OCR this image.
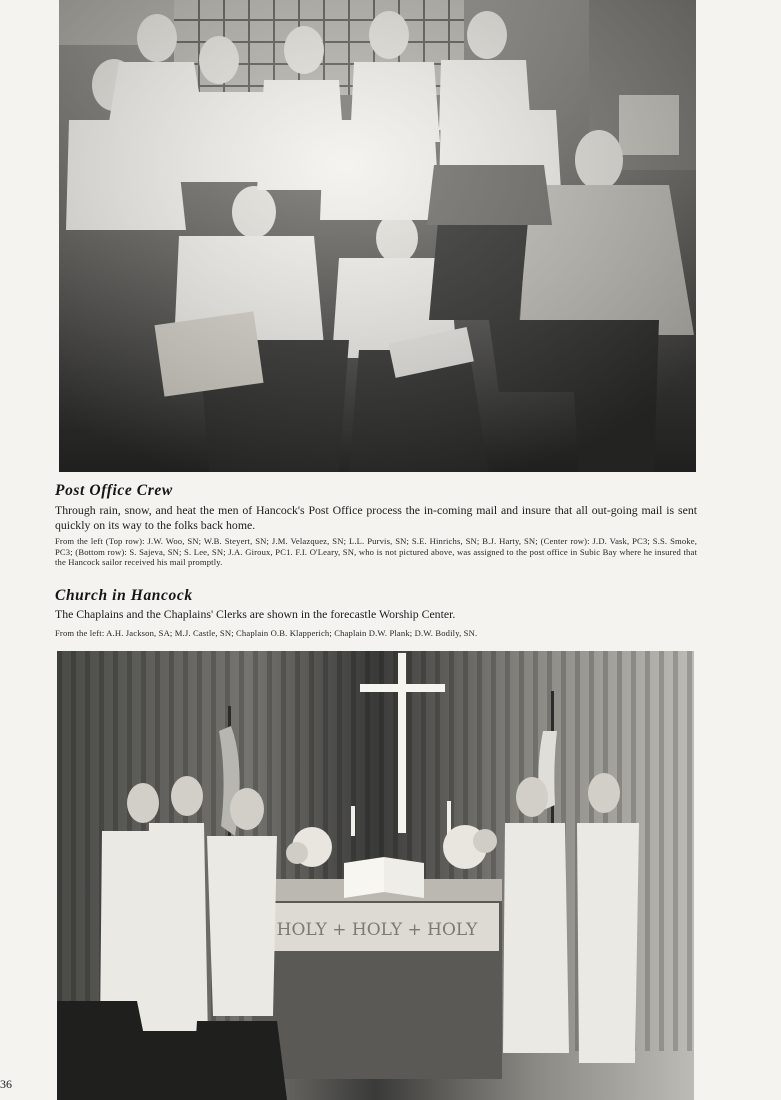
Post Office Crew

Through rain, snow, and heat the men of Hancock's Post Office process the in-coming mail and insure that all out-going mail is sent quickly on its way to the folks back home.

From the left (Top row): J.W. Woo, SN; W.B. Steyert, SN; J.M. Velazquez, SN; L.L. Purvis, SN; S.E. Hinrichs, SN; B.J. Harty, SN; (Center row): J.D. Vask, PC3; S.S. Smoke, PC3; (Bottom row): S. Sajeva, SN; S. Lee, SN; J.A. Giroux, PC1. F.I. O'Leary, SN, who is not pictured above, was assigned to the post office in Subic Bay where he insured that the Hancock sailor received his mail promptly.

Church in Hancock

The Chaplains and the Chaplains' Clerks are shown in the forecastle Worship Center.

From the left: A.H. Jackson, SA; M.J. Castle, SN; Chaplain O.B. Klapperich; Chaplain D.W. Plank; D.W. Bodily, SN.

HOLY + HOLY + HOLY
36
